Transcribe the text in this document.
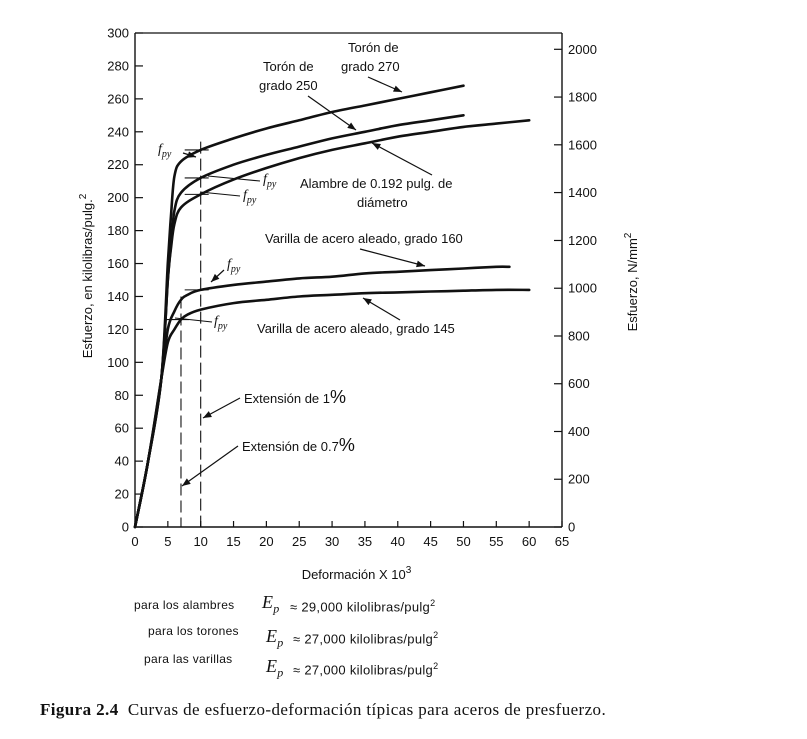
0
20
40
60
80
100
120
140
160
180
200
220
240
260
280
300
0
200
400
600
800
1000
1200
1400
1600
1800
2000
0 5 10 15 20 25 30 35 40 45 50 55 60 65
Deformación X $10^3$
Esfuerzo, en kilolibras/pulg.$^2$
Esfuerzo, $N/mm^2$
Torón de
grado 270
Torón de
grado 250
Alambre de 0.192 pulg. de
diámetro
Varilla de acero aleado, grado 160
Varilla de acero aleado, grado 145
Extensión de 1%
Extensión de 0.7%
$f_{py}$
$f_{py}$
$f_{py}$
$f_{py}$
$f_{py}$
para los alambres $E_p \approx 29,000$ kilolibras/pulg$^2$
para los torones $E_p \approx 27,000$ kilolibras/pulg$^2$
para las varillas $E_p \approx 27,000$ kilolibras/pulg$^2$
Figura 2.4 Curvas de esfuerzo-deformación típicas para aceros de presfuerzo.
